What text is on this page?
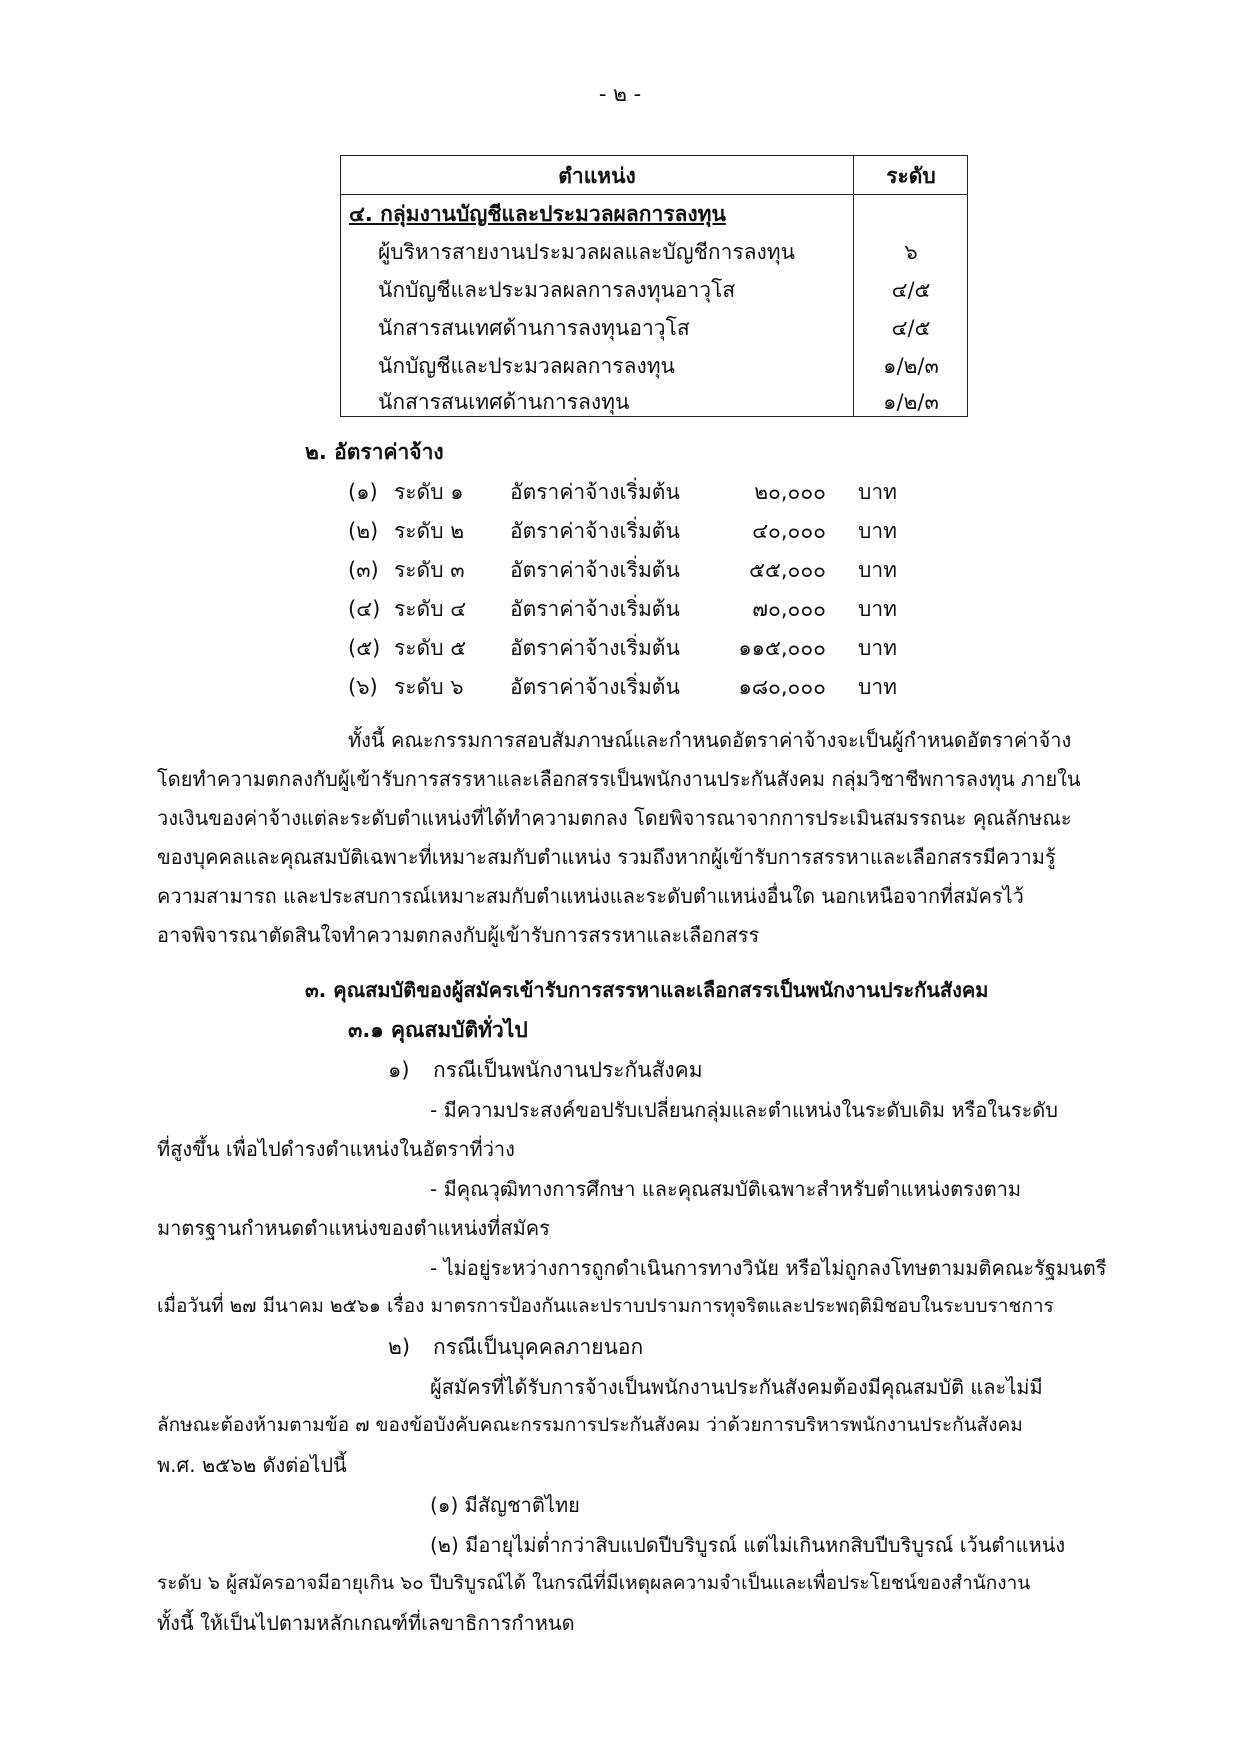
- ๒ -
ตำแหน่ง	ระดับ
๔. กลุ่มงานบัญชีและประมวลผลการลงทุน
ผู้บริหารสายงานประมวลผลและบัญชีการลงทุน	๖
นักบัญชีและประมวลผลการลงทุนอาวุโส	๔/๕
นักสารสนเทศด้านการลงทุนอาวุโส	๔/๕
นักบัญชีและประมวลผลการลงทุน	๑/๒/๓
นักสารสนเทศด้านการลงทุน	๑/๒/๓
๒. อัตราค่าจ้าง
(๑) ระดับ ๑ อัตราค่าจ้างเริ่มต้น	๒๐,๐๐๐ บาท
(๒) ระดับ ๒ อัตราค่าจ้างเริ่มต้น	๔๐,๐๐๐ บาท
(๓) ระดับ ๓ อัตราค่าจ้างเริ่มต้น	๕๕,๐๐๐ บาท
(๔) ระดับ ๔ อัตราค่าจ้างเริ่มต้น	๗๐,๐๐๐ บาท
(๕) ระดับ ๕ อัตราค่าจ้างเริ่มต้น	๑๑๕,๐๐๐ บาท
(๖) ระดับ ๖ อัตราค่าจ้างเริ่มต้น	๑๘๐,๐๐๐ บาท
ทั้งนี้ คณะกรรมการสอบสัมภาษณ์และกำหนดอัตราค่าจ้างจะเป็นผู้กำหนดอัตราค่าจ้าง
โดยทำความตกลงกับผู้เข้ารับการสรรหาและเลือกสรรเป็นพนักงานประกันสังคม กลุ่มวิชาชีพการลงทุน ภายใน
วงเงินของค่าจ้างแต่ละระดับตำแหน่งที่ได้ทำความตกลง โดยพิจารณาจากการประเมินสมรรถนะ คุณลักษณะ
ของบุคคลและคุณสมบัติเฉพาะที่เหมาะสมกับตำแหน่ง รวมถึงหากผู้เข้ารับการสรรหาและเลือกสรรมีความรู้
ความสามารถ และประสบการณ์เหมาะสมกับตำแหน่งและระดับตำแหน่งอื่นใด นอกเหนือจากที่สมัครไว้
อาจพิจารณาตัดสินใจทำความตกลงกับผู้เข้ารับการสรรหาและเลือกสรร
๓. คุณสมบัติของผู้สมัครเข้ารับการสรรหาและเลือกสรรเป็นพนักงานประกันสังคม
๓.๑ คุณสมบัติทั่วไป
๑) กรณีเป็นพนักงานประกันสังคม
- มีความประสงค์ขอปรับเปลี่ยนกลุ่มและตำแหน่งในระดับเดิม หรือในระดับ
ที่สูงขึ้น เพื่อไปดำรงตำแหน่งในอัตราที่ว่าง
- มีคุณวุฒิทางการศึกษา และคุณสมบัติเฉพาะสำหรับตำแหน่งตรงตาม
มาตรฐานกำหนดตำแหน่งของตำแหน่งที่สมัคร
- ไม่อยู่ระหว่างการถูกดำเนินการทางวินัย หรือไม่ถูกลงโทษตามมติคณะรัฐมนตรี
เมื่อวันที่ ๒๗ มีนาคม ๒๕๖๑ เรื่อง มาตรการป้องกันและปราบปรามการทุจริตและประพฤติมิชอบในระบบราชการ
๒) กรณีเป็นบุคคลภายนอก
ผู้สมัครที่ได้รับการจ้างเป็นพนักงานประกันสังคมต้องมีคุณสมบัติ และไม่มี
ลักษณะต้องห้ามตามข้อ ๗ ของข้อบังคับคณะกรรมการประกันสังคม ว่าด้วยการบริหารพนักงานประกันสังคม
พ.ศ. ๒๕๖๒ ดังต่อไปนี้
(๑) มีสัญชาติไทย
(๒) มีอายุไม่ต่ำกว่าสิบแปดปีบริบูรณ์ แต่ไม่เกินหกสิบปีบริบูรณ์ เว้นตำแหน่ง
ระดับ ๖ ผู้สมัครอาจมีอายุเกิน ๖๐ ปีบริบูรณ์ได้ ในกรณีที่มีเหตุผลความจำเป็นและเพื่อประโยชน์ของสำนักงาน
ทั้งนี้ ให้เป็นไปตามหลักเกณฑ์ที่เลขาธิการกำหนด
